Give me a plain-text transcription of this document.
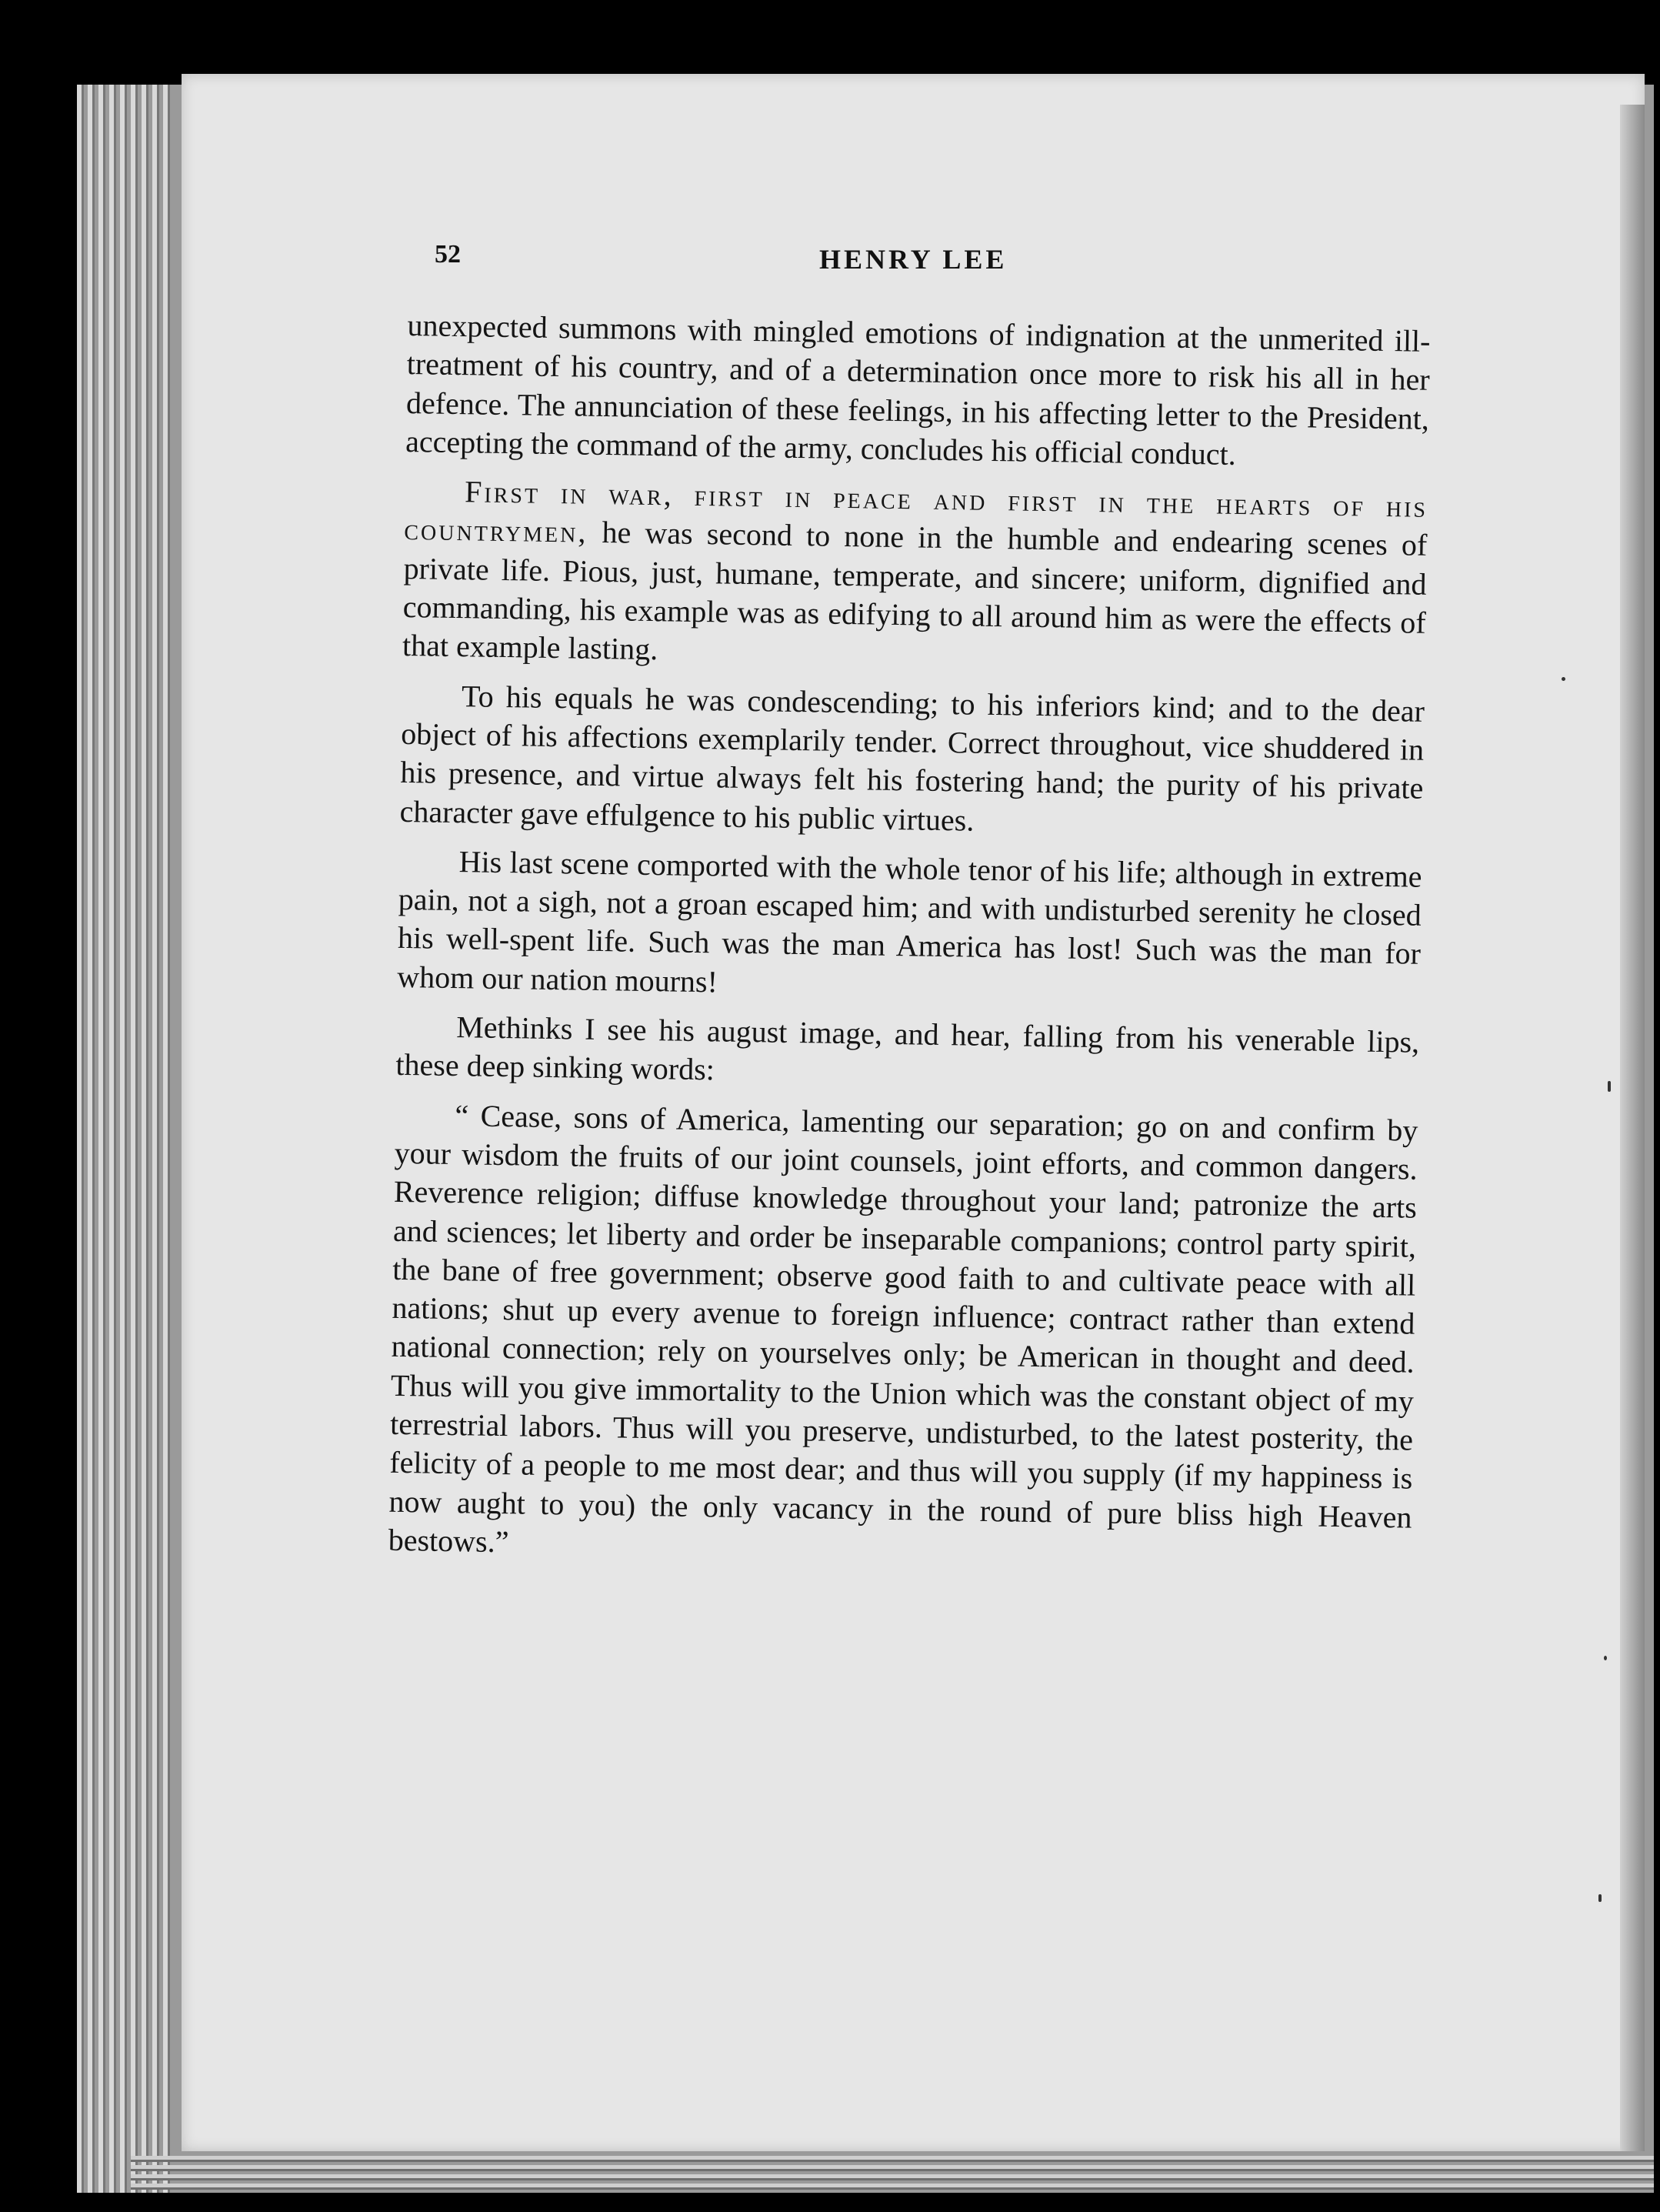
52	HENRY LEE

unexpected summons with mingled emotions of indignation at the unmerited ill-treatment of his country, and of a determination once more to risk his all in her defence. The annunciation of these feelings, in his affecting letter to the President, accepting the command of the army, concludes his official conduct.

First in war, first in peace and first in the hearts of his countrymen, he was second to none in the humble and endearing scenes of private life. Pious, just, humane, temperate, and sincere; uniform, dignified and commanding, his example was as edifying to all around him as were the effects of that example lasting.

To his equals he was condescending; to his inferiors kind; and to the dear object of his affections exemplarily tender. Correct throughout, vice shuddered in his presence, and virtue always felt his fostering hand; the purity of his private character gave effulgence to his public virtues.

His last scene comported with the whole tenor of his life; although in extreme pain, not a sigh, not a groan escaped him; and with undisturbed serenity he closed his well-spent life. Such was the man America has lost! Such was the man for whom our nation mourns!

Methinks I see his august image, and hear, falling from his venerable lips, these deep sinking words:

“ Cease, sons of America, lamenting our separation; go on and confirm by your wisdom the fruits of our joint counsels, joint efforts, and common dangers. Reverence religion; diffuse knowledge throughout your land; patronize the arts and sciences; let liberty and order be inseparable companions; control party spirit, the bane of free government; observe good faith to and cultivate peace with all nations; shut up every avenue to foreign influence; contract rather than extend national connection; rely on yourselves only; be American in thought and deed. Thus will you give immortality to the Union which was the constant object of my terrestrial labors. Thus will you preserve, undisturbed, to the latest posterity, the felicity of a people to me most dear; and thus will you supply (if my happiness is now aught to you) the only vacancy in the round of pure bliss high Heaven bestows.”
